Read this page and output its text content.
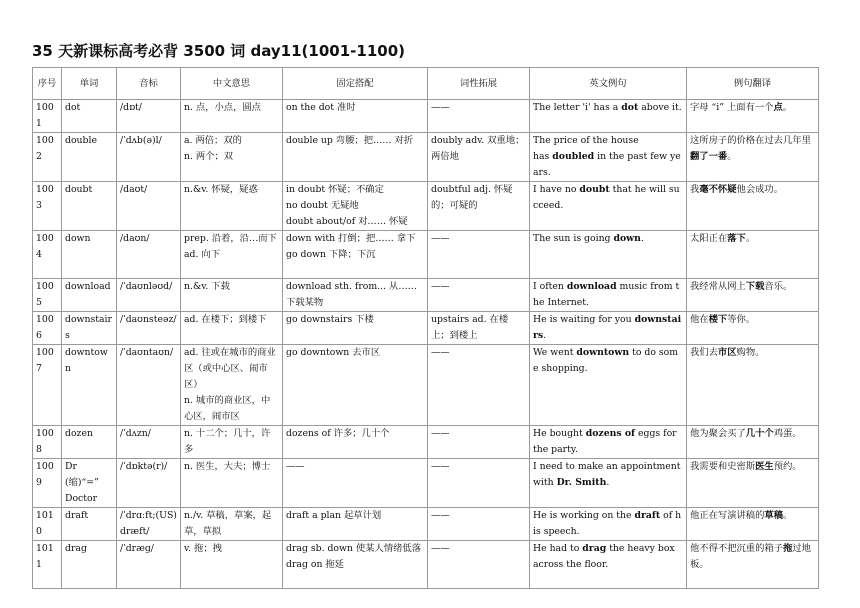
35 天新课标高考必背 3500 词 day11(1001-1100)
序号	单词	音标	中文意思	固定搭配	词性拓展	英文例句	例句翻译
1001	dot	/dɒt/	n. 点，小点，圆点	on the dot 准时	——	The letter 'i' has a dot above it.	字母 “i” 上面有一个点。
1002	double	/ˈdʌb(ə)l/	a. 两倍；双的
n. 两个；双	double up 弯腰；把…… 对折	doubly adv. 双重地；两倍地	The price of the house
has doubled in the past few years.	这所房子的价格在过去几年里翻了一番。
1003	doubt	/daʊt/	n.&v. 怀疑，疑惑	in doubt 怀疑；不确定
no doubt 无疑地
doubt about/of 对…… 怀疑	doubtful adj. 怀疑的；可疑的	I have no doubt that he will succeed.	我毫不怀疑他会成功。
1004	down	/daʊn/	prep. 沿着，沿…而下
ad. 向下	down with 打倒；把…… 拿下
go down 下降；下沉	——	The sun is going down.	太阳正在落下。
1005	download	/ˈdaʊnləʊd/	n.&v. 下载	download sth. from... 从…… 下载某物	——	I often download music from the Internet.	我经常从网上下载音乐。
1006	downstairs	/ˈdaʊnsteəz/	ad. 在楼下；到楼下	go downstairs 下楼	upstairs ad. 在楼上；到楼上	He is waiting for you downstairs.	他在楼下等你。
1007	downtown	/ˈdaʊntaʊn/	ad. 往或在城市的商业区（或中心区、闹市区）
n. 城市的商业区，中心区，闹市区	go downtown 去市区	——	We went downtown to do some shopping.	我们去市区购物。
1008	dozen	/ˈdʌzn/	n. 十二个；几十，许多	dozens of 许多；几十个	——	He bought dozens of eggs for the party.	他为聚会买了几十个鸡蛋。
1009	Dr
(缩)“=”
Doctor	/ˈdɒktə(r)/	n. 医生，大夫；博士	——	——	I need to make an appointment with Dr. Smith.	我需要和史密斯医生预约。
1010	draft	/ˈdrɑːft;(US)dræft/	n./v. 草稿，草案，起草，草拟	draft a plan 起草计划	——	He is working on the draft of his speech.	他正在写演讲稿的草稿。
1011	drag	/ˈdræg/	v. 拖；拽	drag sb. down 使某人情绪低落
drag on 拖延	——	He had to drag the heavy box across the floor.	他不得不把沉重的箱子拖过地板。
